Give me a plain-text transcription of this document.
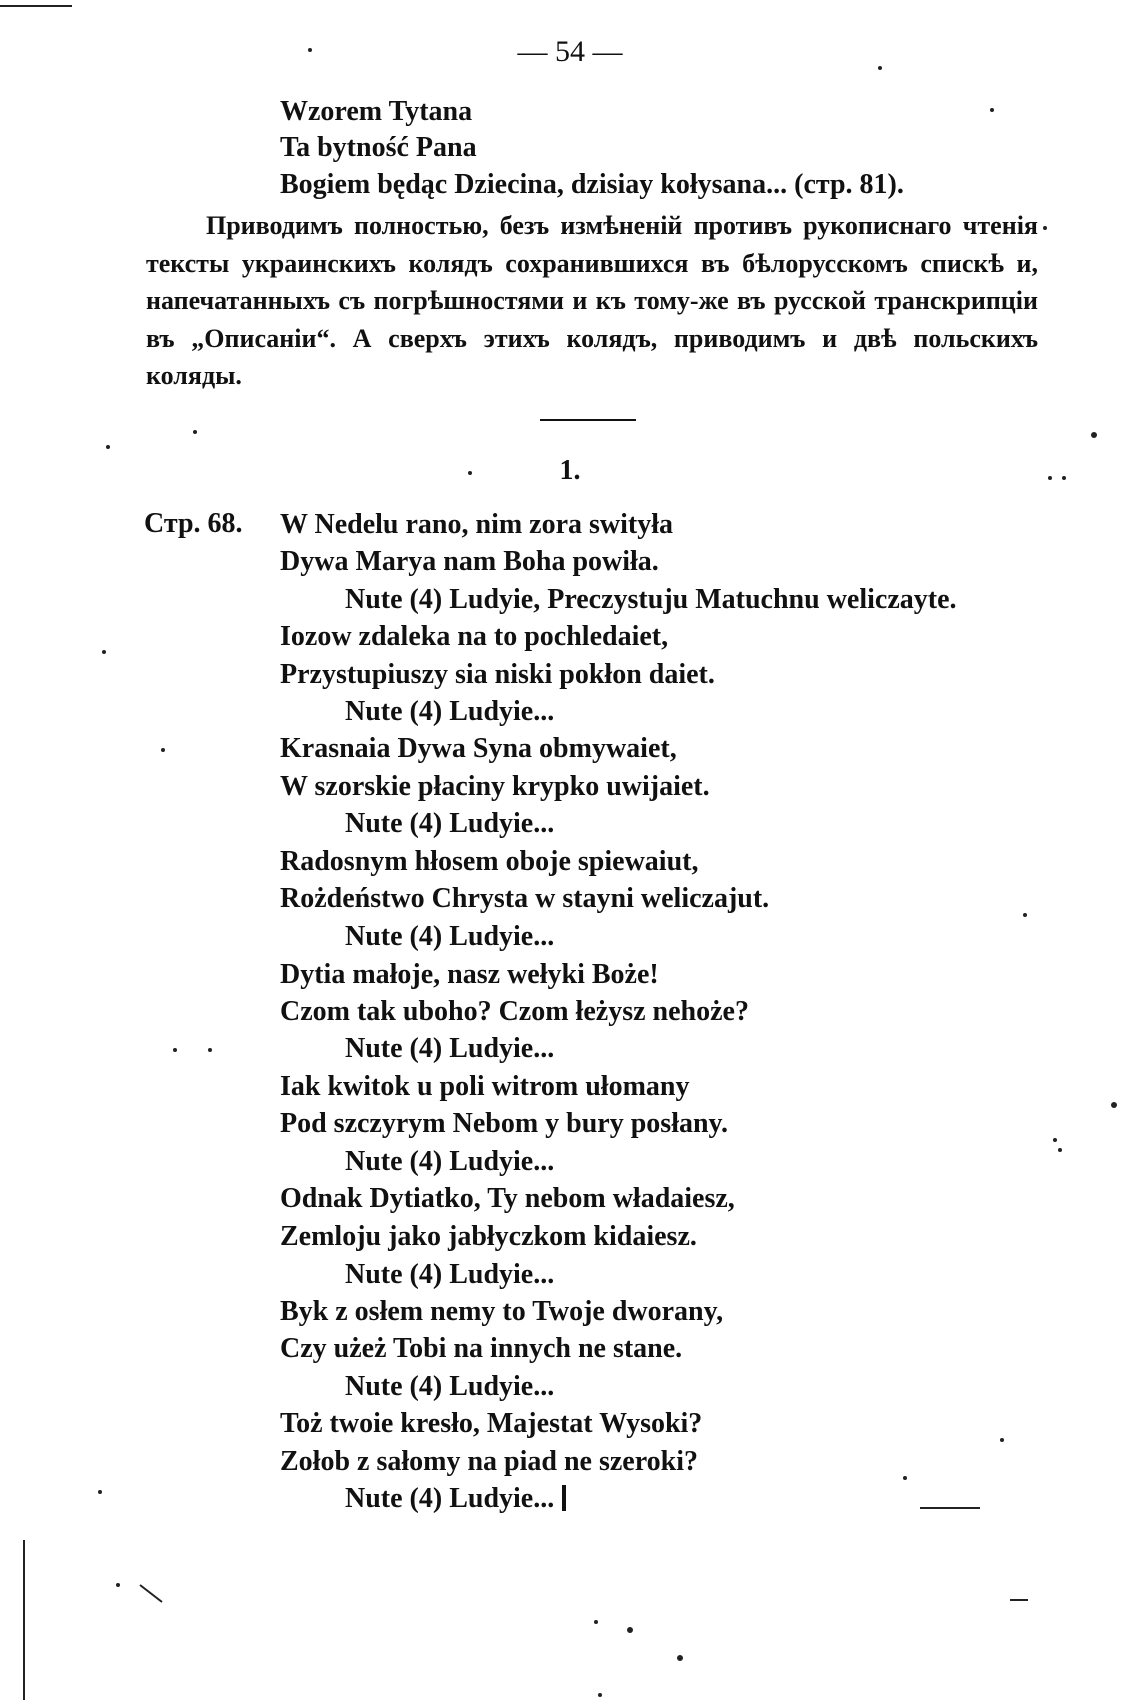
— 54 —
Wzorem Tytana
Ta bytność Pana
Bogiem będąc Dziecina, dzisiay kołysana... (стр. 81).

Приводимъ полностью, безъ измѣненій противъ рукописнаго чтенія тексты украинскихъ колядъ сохранившихся въ бѣлорусскомъ спискѣ и, напечатанныхъ съ погрѣшностями и къ тому-же въ русской транскрипціи въ „Описаніи“. А сверхъ этихъ колядъ, приводимъ и двѣ польскихъ коляды.

1.
Стр. 68. W Nedelu rano, nim zora swityła
Dywa Marya nam Boha powiła.
Nute (4) Ludyie, Preczystuju Matuchnu weliczayte.
Iozow zdaleka na to pochledaiet,
Przystupiuszy sia niski pokłon daiet.
Nute (4) Ludyie...
Krasnaia Dywa Syna obmywaiet,
W szorskie płaciny krypko uwijaiet.
Nute (4) Ludyie...
Radosnym hłosem oboje spiewaiut,
Rożdeństwo Chrysta w stayni weliczajut.
Nute (4) Ludyie...
Dytia małoje, nasz wełyki Boże!
Czom tak uboho? Czom łeżysz nehoże?
Nute (4) Ludyie...
Iak kwitok u poli witrom ułomany
Pod szczyrym Nebom y bury posłany.
Nute (4) Ludyie...
Odnak Dytiatko, Ty nebom władaiesz,
Zemloju jako jabłyczkom kidaiesz.
Nute (4) Ludyie...
Byk z osłem nemy to Twoje dworany,
Czy użeż Tobi na innych ne stane.
Nute (4) Ludyie...
Toż twoie kresło, Majestat Wysoki?
Zołob z sałomy na piad ne szeroki?
Nute (4) Ludyie...
